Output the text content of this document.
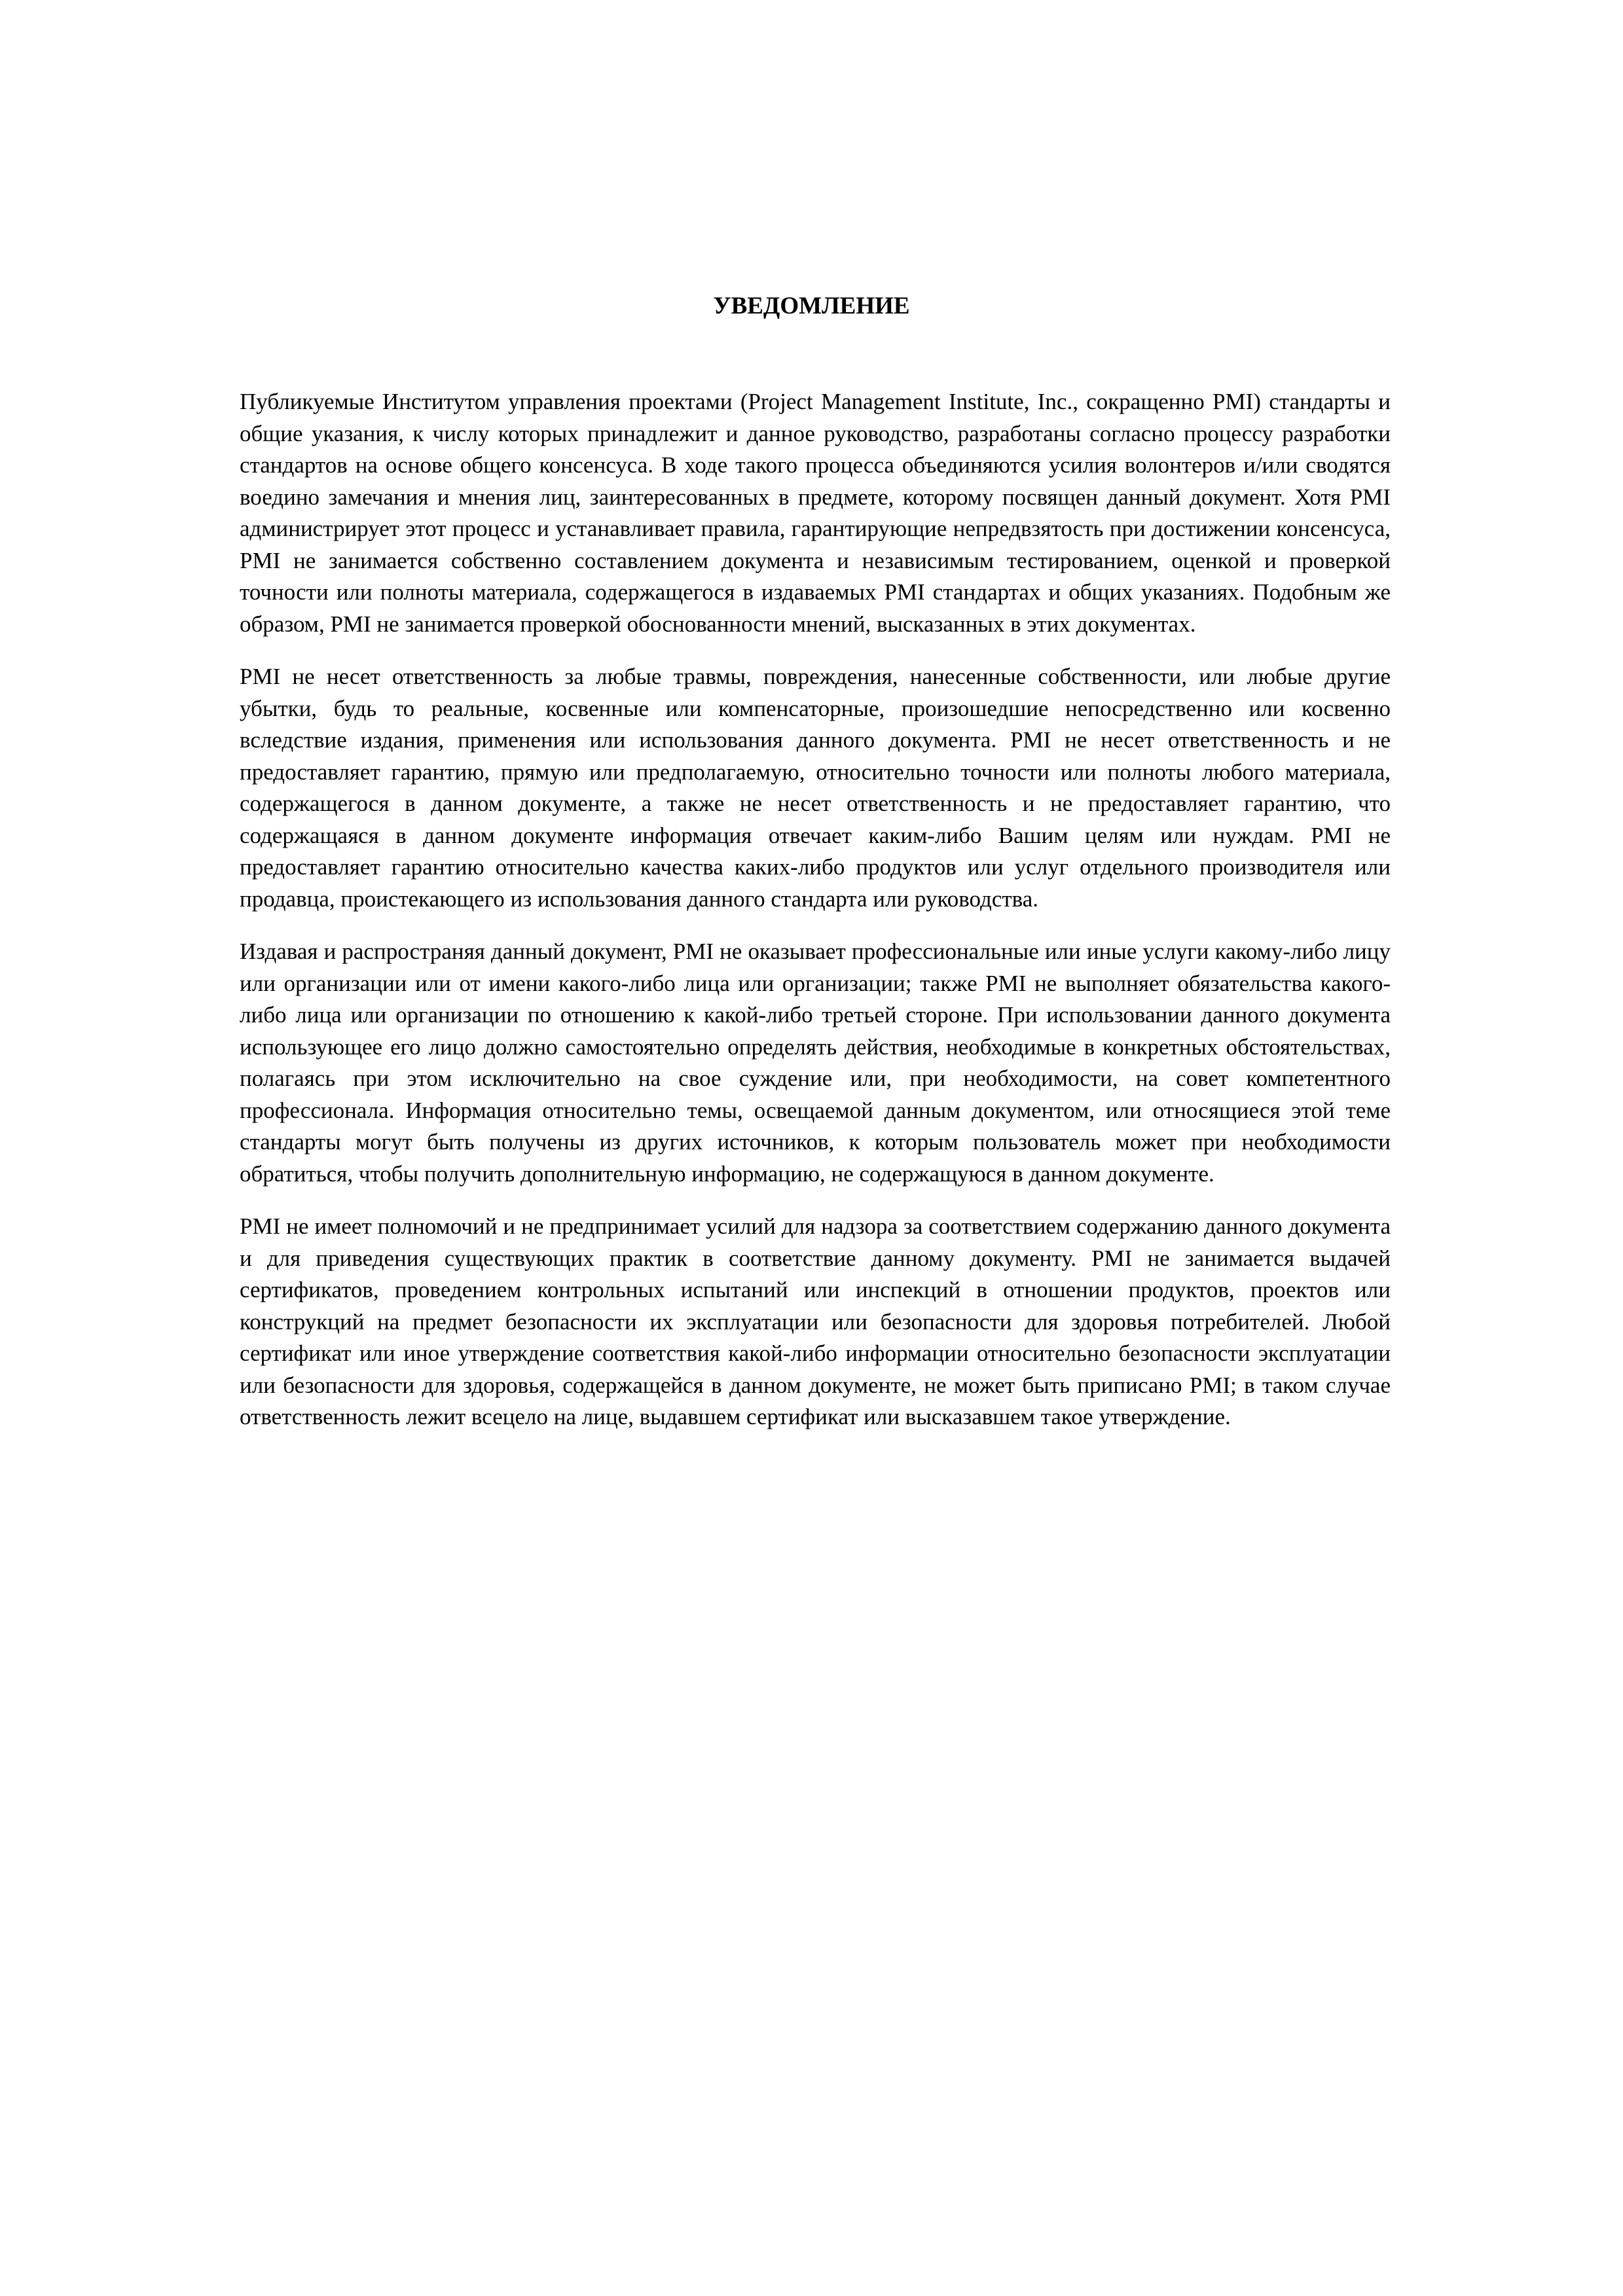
УВЕДОМЛЕНИЕ

Публикуемые Институтом управления проектами (Project Management Institute, Inc., сокращенно PMI) стандарты и общие указания, к числу которых принадлежит и данное руководство, разработаны согласно процессу разработки стандартов на основе общего консенсуса. В ходе такого процесса объединяются усилия волонтеров и/или сводятся воедино замечания и мнения лиц, заинтересованных в предмете, которому посвящен данный документ. Хотя PMI администрирует этот процесс и устанавливает правила, гарантирующие непредвзятость при достижении консенсуса, PMI не занимается собственно составлением документа и независимым тестированием, оценкой и проверкой точности или полноты материала, содержащегося в издаваемых PMI стандартах и общих указаниях. Подобным же образом, PMI не занимается проверкой обоснованности мнений, высказанных в этих документах.

PMI не несет ответственность за любые травмы, повреждения, нанесенные собственности, или любые другие убытки, будь то реальные, косвенные или компенсаторные, произошедшие непосредственно или косвенно вследствие издания, применения или использования данного документа. PMI не несет ответственность и не предоставляет гарантию, прямую или предполагаемую, относительно точности или полноты любого материала, содержащегося в данном документе, а также не несет ответственность и не предоставляет гарантию, что содержащаяся в данном документе информация отвечает каким-либо Вашим целям или нуждам. PMI не предоставляет гарантию относительно качества каких-либо продуктов или услуг отдельного производителя или продавца, проистекающего из использования данного стандарта или руководства.

Издавая и распространяя данный документ, PMI не оказывает профессиональные или иные услуги какому-либо лицу или организации или от имени какого-либо лица или организации; также PMI не выполняет обязательства какого-либо лица или организации по отношению к какой-либо третьей стороне. При использовании данного документа использующее его лицо должно самостоятельно определять действия, необходимые в конкретных обстоятельствах, полагаясь при этом исключительно на свое суждение или, при необходимости, на совет компетентного профессионала. Информация относительно темы, освещаемой данным документом, или относящиеся этой теме стандарты могут быть получены из других источников, к которым пользователь может при необходимости обратиться, чтобы получить дополнительную информацию, не содержащуюся в данном документе.

PMI не имеет полномочий и не предпринимает усилий для надзора за соответствием содержанию данного документа и для приведения существующих практик в соответствие данному документу. PMI не занимается выдачей сертификатов, проведением контрольных испытаний или инспекций в отношении продуктов, проектов или конструкций на предмет безопасности их эксплуатации или безопасности для здоровья потребителей. Любой сертификат или иное утверждение соответствия какой-либо информации относительно безопасности эксплуатации или безопасности для здоровья, содержащейся в данном документе, не может быть приписано PMI; в таком случае ответственность лежит всецело на лице, выдавшем сертификат или высказавшем такое утверждение.
